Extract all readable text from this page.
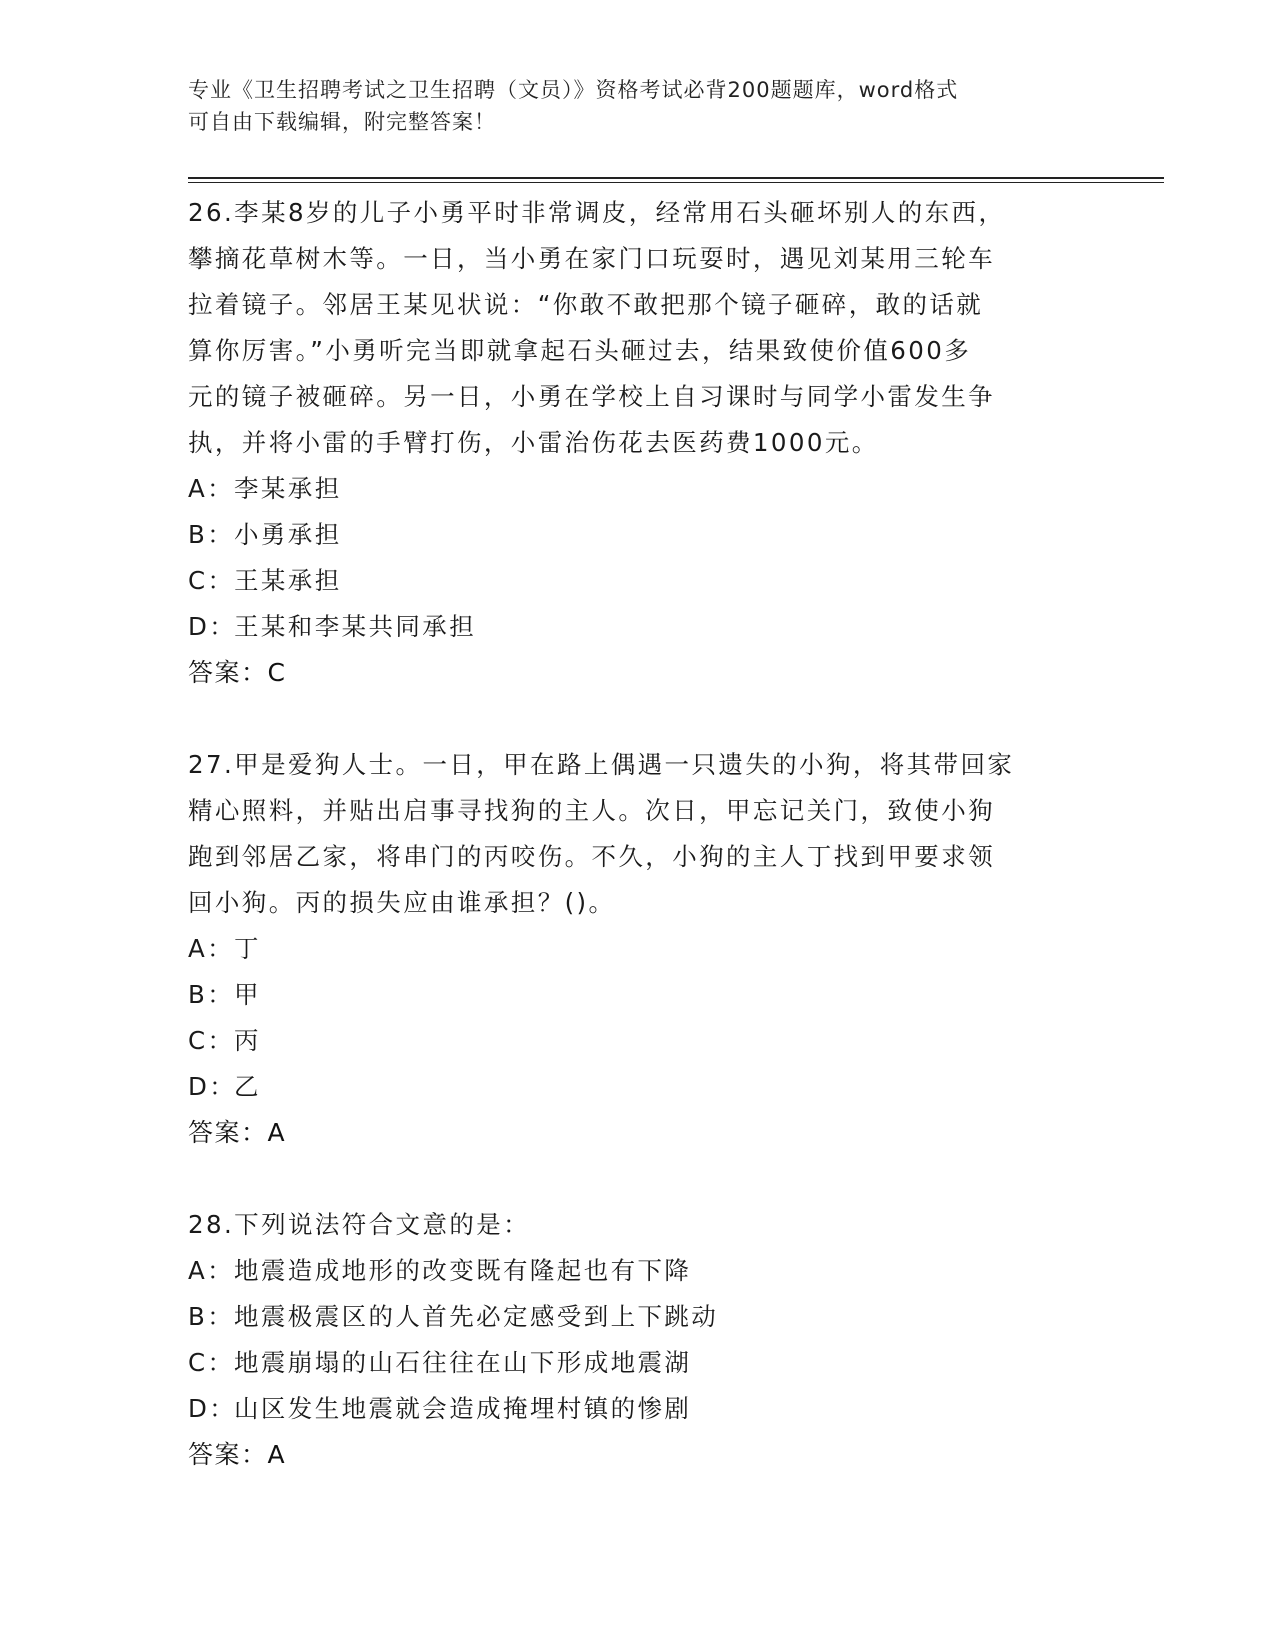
专业《卫生招聘考试之卫生招聘（文员）》资格考试必背200题题库，word格式
可自由下载编辑，附完整答案！

26.李某8岁的儿子小勇平时非常调皮，经常用石头砸坏别人的东西，

攀摘花草树木等。一日，当小勇在家门口玩耍时，遇见刘某用三轮车

拉着镜子。邻居王某见状说：“你敢不敢把那个镜子砸碎，敢的话就

算你厉害。”小勇听完当即就拿起石头砸过去，结果致使价值600多

元的镜子被砸碎。另一日，小勇在学校上自习课时与同学小雷发生争

执，并将小雷的手臂打伤，小雷治伤花去医药费1000元。

A：李某承担

B：小勇承担

C：王某承担

D：王某和李某共同承担

答案：C

27.甲是爱狗人士。一日，甲在路上偶遇一只遗失的小狗，将其带回家

精心照料，并贴出启事寻找狗的主人。次日，甲忘记关门，致使小狗

跑到邻居乙家，将串门的丙咬伤。不久，小狗的主人丁找到甲要求领

回小狗。丙的损失应由谁承担？()。

A：丁

B：甲

C：丙

D：乙

答案：A

28.下列说法符合文意的是：

A：地震造成地形的改变既有隆起也有下降

B：地震极震区的人首先必定感受到上下跳动

C：地震崩塌的山石往往在山下形成地震湖

D：山区发生地震就会造成掩埋村镇的惨剧

答案：A
